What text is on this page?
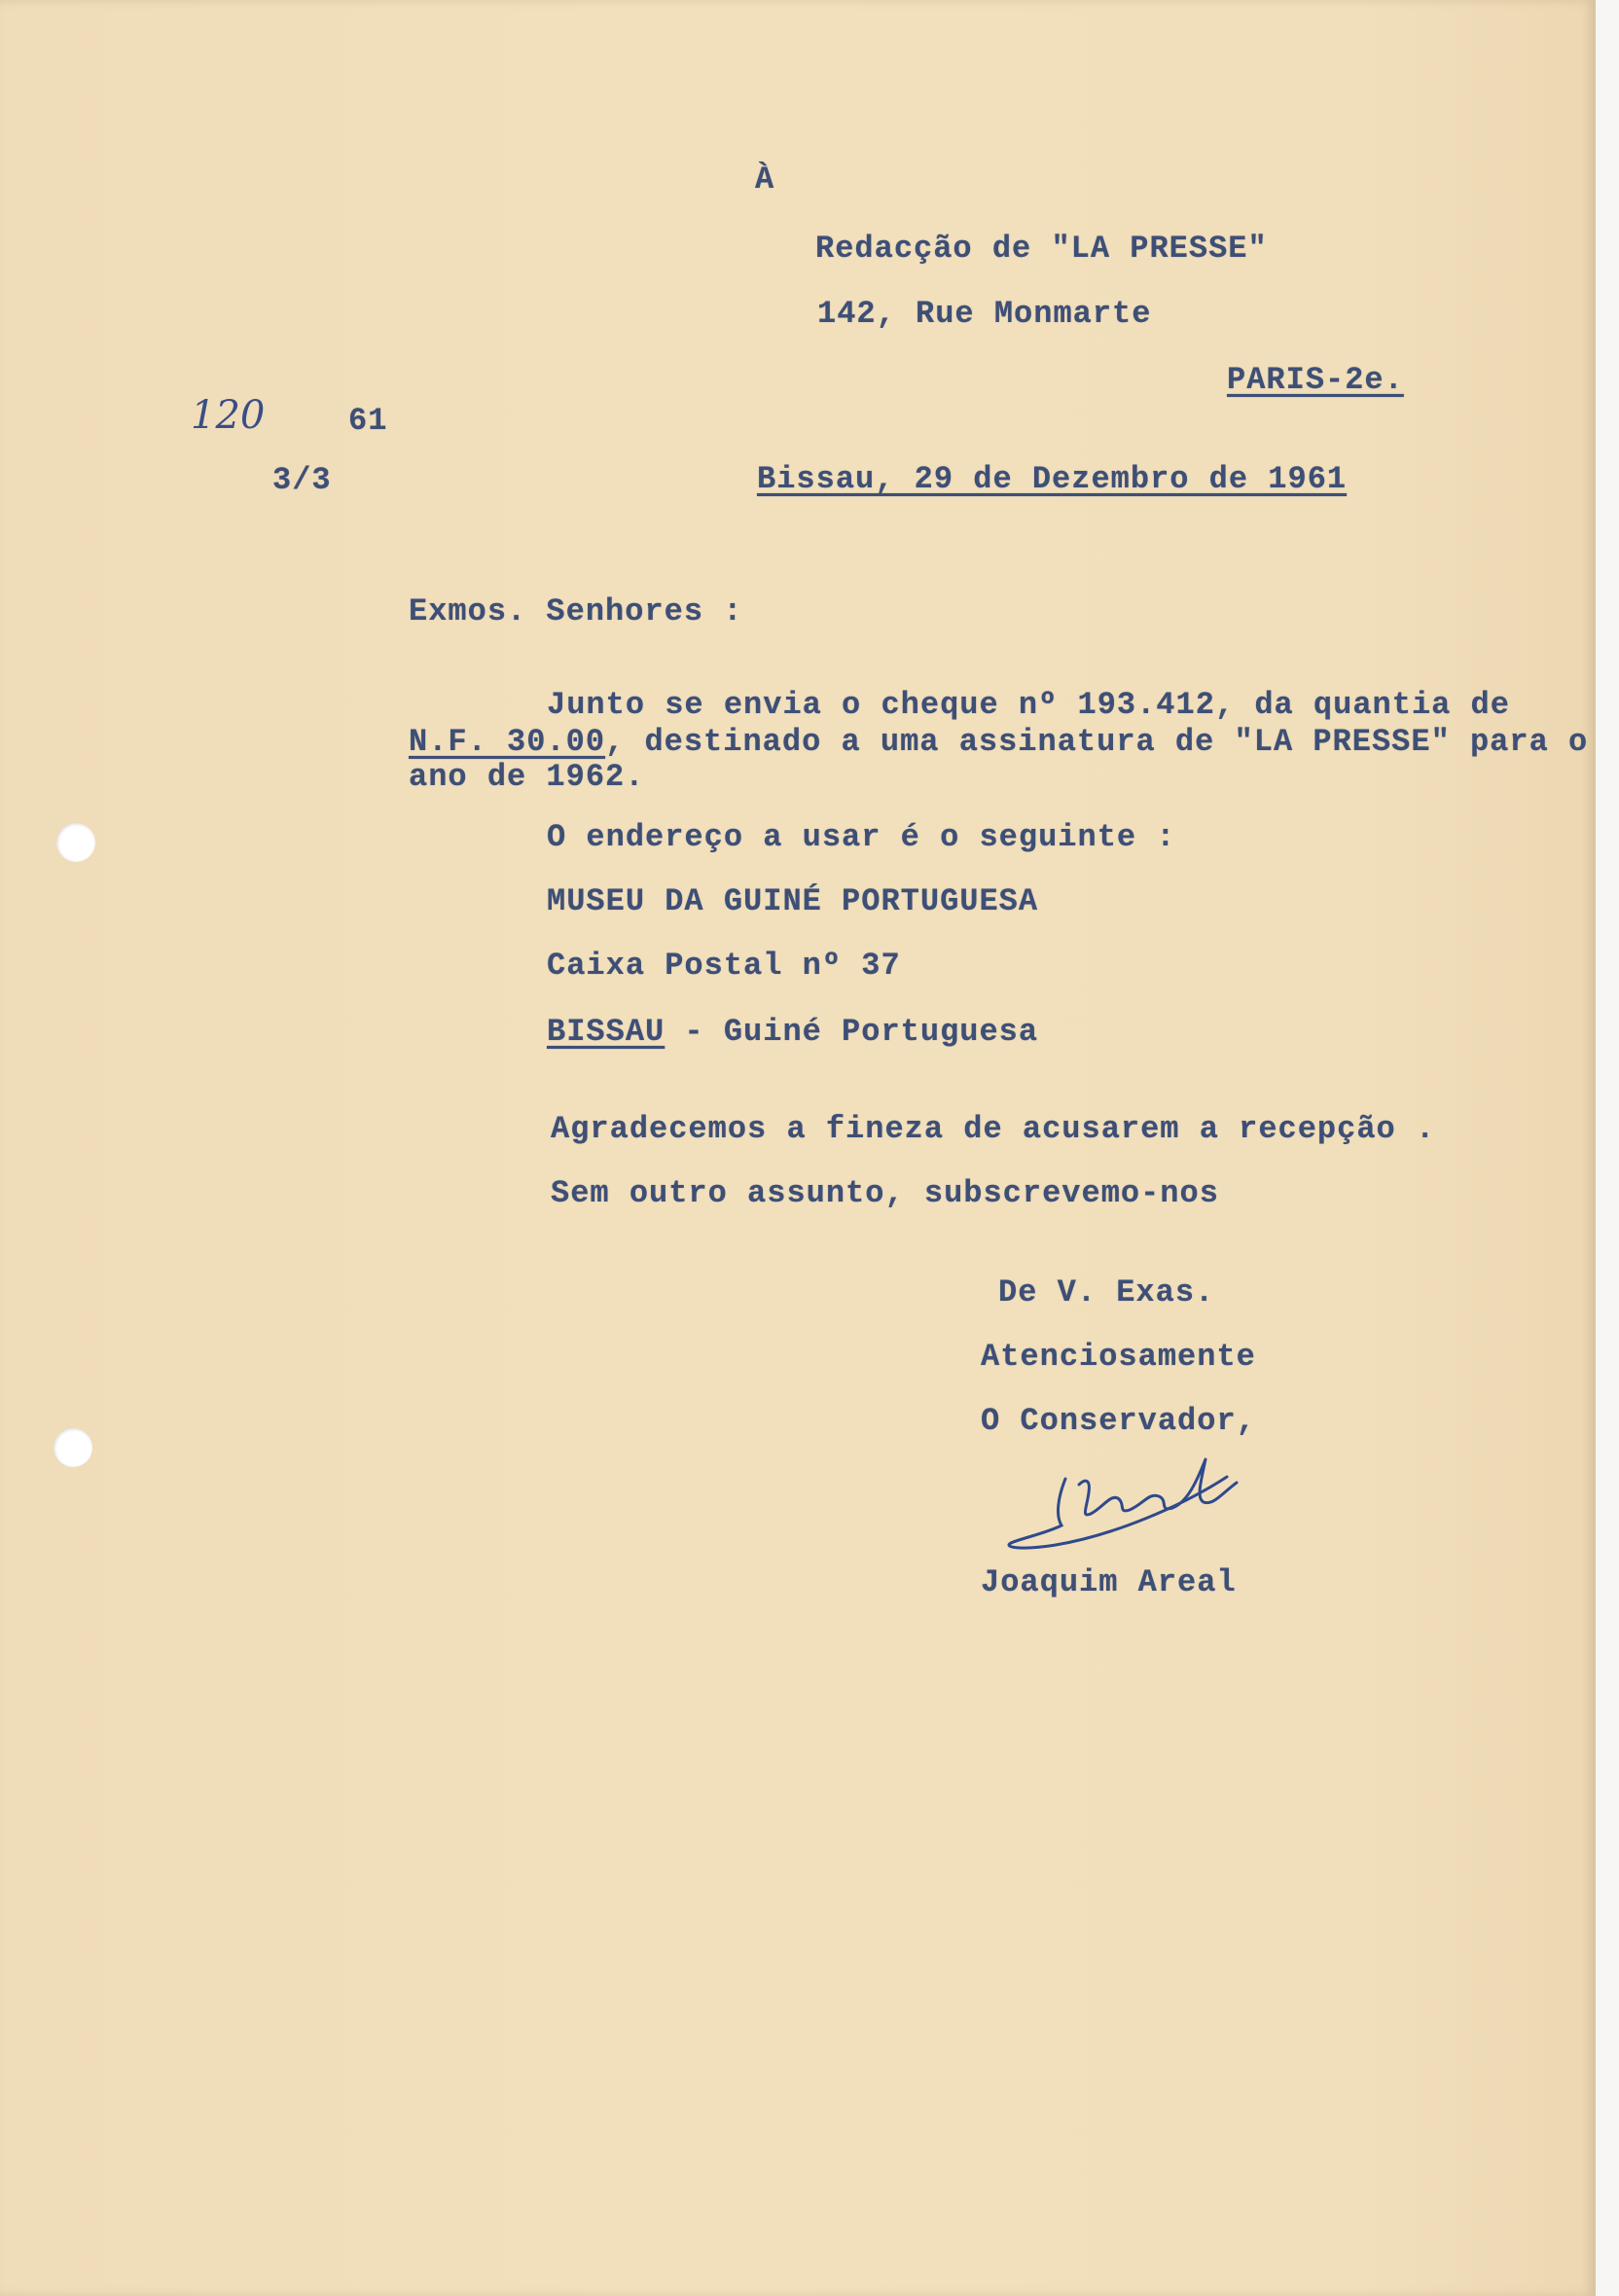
À

Redacção de "LA PRESSE"

142, Rue Monmarte

PARIS-2e.

120	61

3/3	Bissau, 29 de Dezembro de 1961

Exmos. Senhores :

Junto se envia o cheque nº 193.412, da quantia de

N.F. 30.00, destinado a uma assinatura de "LA PRESSE" para o

ano de 1962.

O endereço a usar é o seguinte :

MUSEU DA GUINÉ PORTUGUESA

Caixa Postal nº 37

BISSAU - Guiné Portuguesa

Agradecemos a fineza de acusarem a recepção .

Sem outro assunto, subscrevemo-nos

De V. Exas.

Atenciosamente

O Conservador,

Joaquim Areal
